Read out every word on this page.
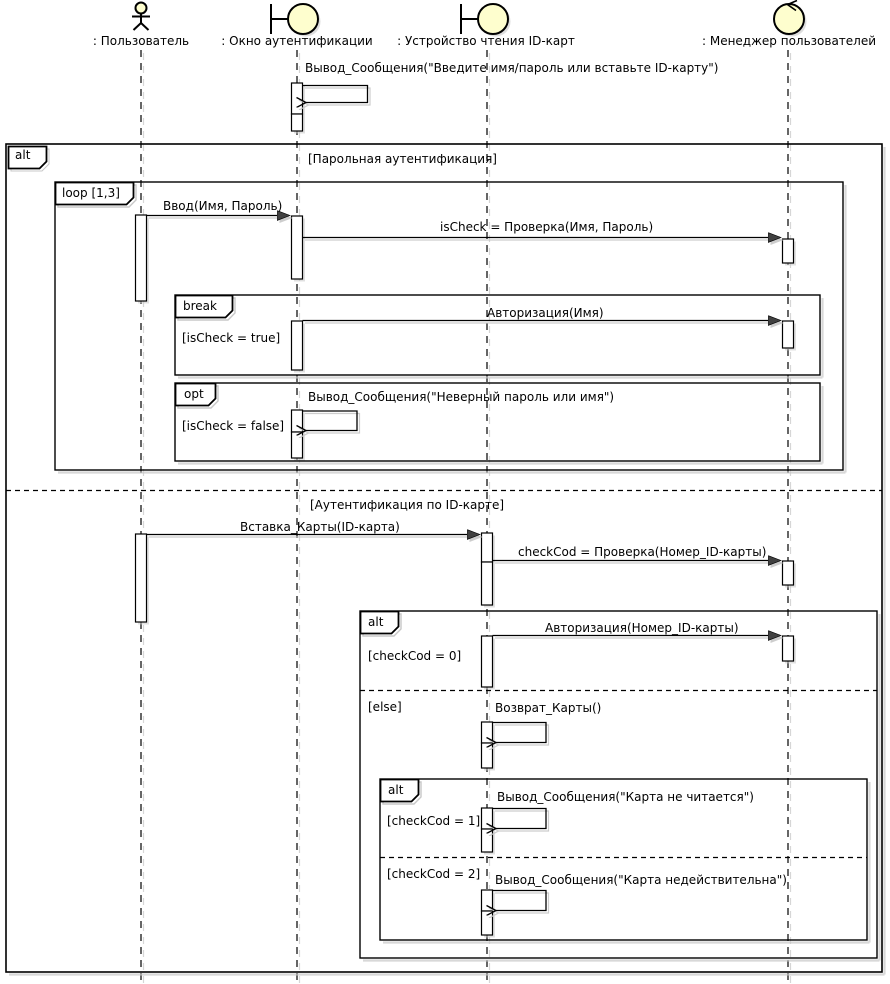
: Пользователь	: Окно аутентификации : Устройство чтения ID-карт	: Менеджер пользователей
alt
loop [1,3]
break
opt
alt
alt
[Парольная аутентификация]
[isCheck = true]
[isCheck = false]
[Аутентификация по ID-карте]
[checkCod = 0]
[else]
[checkCod = 1]
[checkCod = 2]
Вывод_Сообщения("Введите имя/пароль или вставьте ID-карту")
Ввод(Имя, Пароль)
isCheck = Проверка(Имя, Пароль)
Авторизация(Имя)
Вывод_Сообщения("Неверный пароль или имя")
Вставка_Карты(ID-карта)
checkCod = Проверка(Номер_ID-карты)
Авторизация(Номер_ID-карты)
Возврат_Карты()
Вывод_Сообщения("Карта не читается")
Вывод_Сообщения("Карта недействительна")
